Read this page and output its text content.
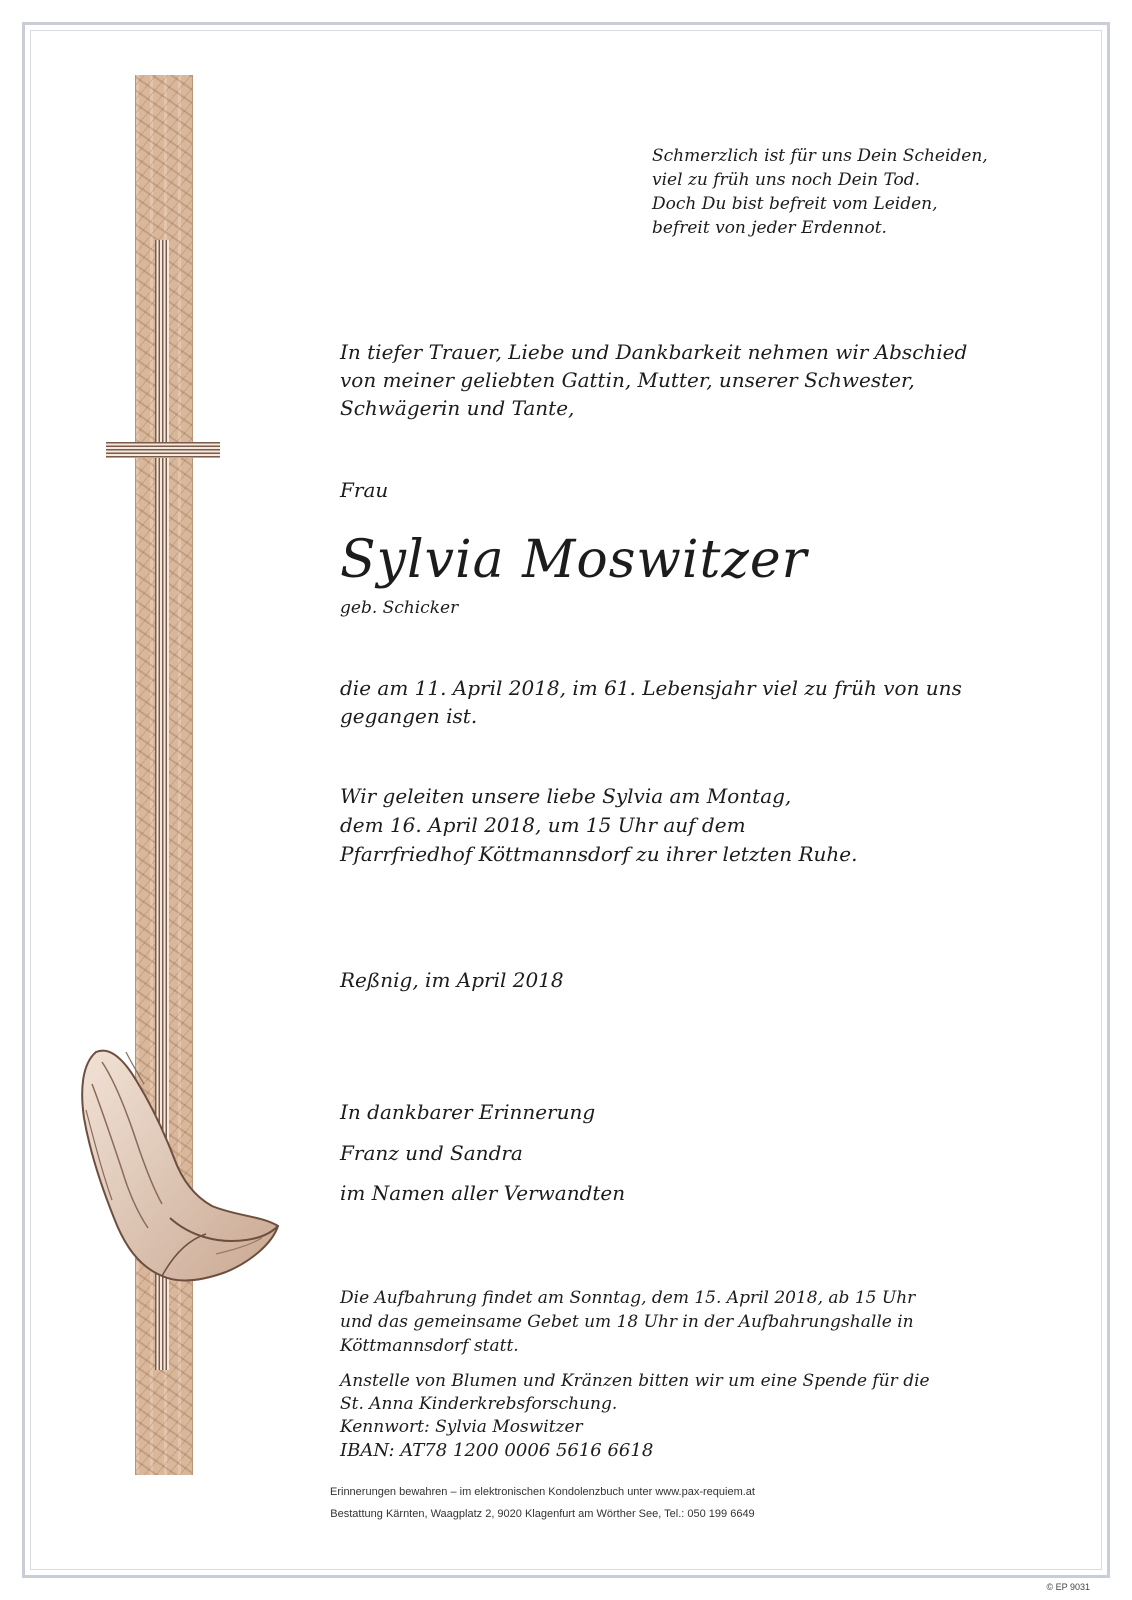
Schmerzlich ist für uns Dein Scheiden,
viel zu früh uns noch Dein Tod.
Doch Du bist befreit vom Leiden,
befreit von jeder Erdennot.
In tiefer Trauer, Liebe und Dankbarkeit nehmen wir Abschied
von meiner geliebten Gattin, Mutter, unserer Schwester,
Schwägerin und Tante,
Frau
Sylvia Moswitzer
geb. Schicker
die am 11. April 2018, im 61. Lebensjahr viel zu früh von uns
gegangen ist.
Wir geleiten unsere liebe Sylvia am Montag,
dem 16. April 2018, um 15 Uhr auf dem
Pfarrfriedhof Köttmannsdorf zu ihrer letzten Ruhe.
Reßnig, im April 2018
In dankbarer Erinnerung
Franz und Sandra
im Namen aller Verwandten
Die Aufbahrung findet am Sonntag, dem 15. April 2018, ab 15 Uhr
und das gemeinsame Gebet um 18 Uhr in der Aufbahrungshalle in
Köttmannsdorf statt.
Anstelle von Blumen und Kränzen bitten wir um eine Spende für die
St. Anna Kinderkrebsforschung.
Kennwort: Sylvia Moswitzer
IBAN: AT78 1200 0006 5616 6618
Erinnerungen bewahren – im elektronischen Kondolenzbuch unter www.pax-requiem.at
Bestattung Kärnten, Waagplatz 2, 9020 Klagenfurt am Wörther See, Tel.: 050 199 6649
© EP 9031
